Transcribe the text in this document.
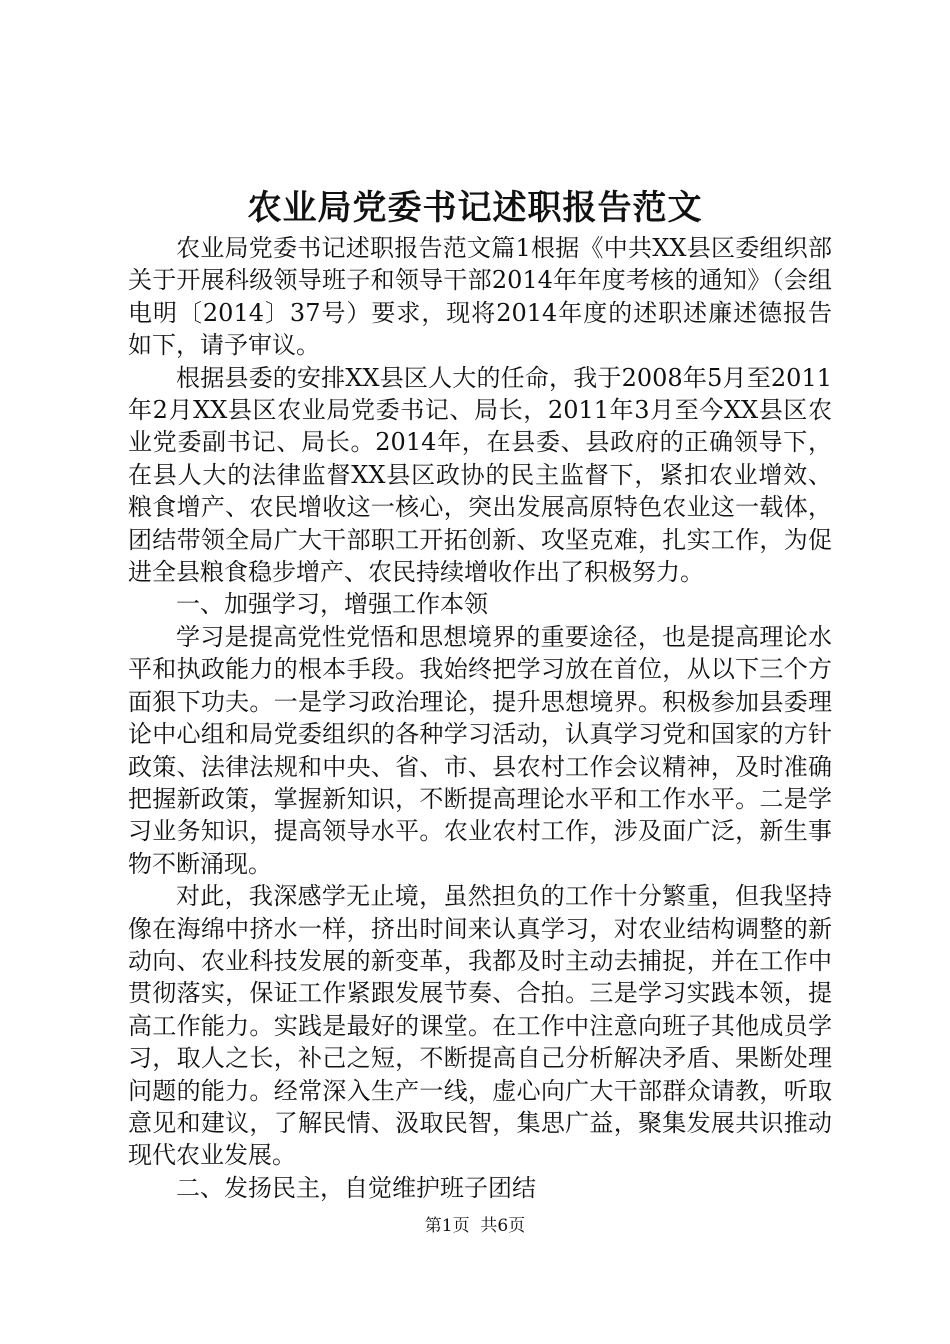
农业局党委书记述职报告范文

农业局党委书记述职报告范文篇1根据《中共XX县区委组织部关于开展科级领导班子和领导干部2014年年度考核的通知》（会组电明〔2014〕37号）要求，现将2014年度的述职述廉述德报告如下，请予审议。

根据县委的安排XX县区人大的任命，我于2008年5月至2011年2月XX县区农业局党委书记、局长，2011年3月至今XX县区农业党委副书记、局长。2014年，在县委、县政府的正确领导下，在县人大的法律监督XX县区政协的民主监督下，紧扣农业增效、粮食增产、农民增收这一核心，突出发展高原特色农业这一载体，团结带领全局广大干部职工开拓创新、攻坚克难，扎实工作，为促进全县粮食稳步增产、农民持续增收作出了积极努力。

一、加强学习，增强工作本领

学习是提高党性党悟和思想境界的重要途径，也是提高理论水平和执政能力的根本手段。我始终把学习放在首位，从以下三个方面狠下功夫。一是学习政治理论，提升思想境界。积极参加县委理论中心组和局党委组织的各种学习活动，认真学习党和国家的方针政策、法律法规和中央、省、市、县农村工作会议精神，及时准确把握新政策，掌握新知识，不断提高理论水平和工作水平。二是学习业务知识，提高领导水平。农业农村工作，涉及面广泛，新生事物不断涌现。

对此，我深感学无止境，虽然担负的工作十分繁重，但我坚持像在海绵中挤水一样，挤出时间来认真学习，对农业结构调整的新动向、农业科技发展的新变革，我都及时主动去捕捉，并在工作中贯彻落实，保证工作紧跟发展节奏、合拍。三是学习实践本领，提高工作能力。实践是最好的课堂。在工作中注意向班子其他成员学习，取人之长，补己之短，不断提高自己分析解决矛盾、果断处理问题的能力。经常深入生产一线，虚心向广大干部群众请教，听取意见和建议，了解民情、汲取民智，集思广益，聚集发展共识推动现代农业发展。

二、发扬民主，自觉维护班子团结

第1页 共6页
